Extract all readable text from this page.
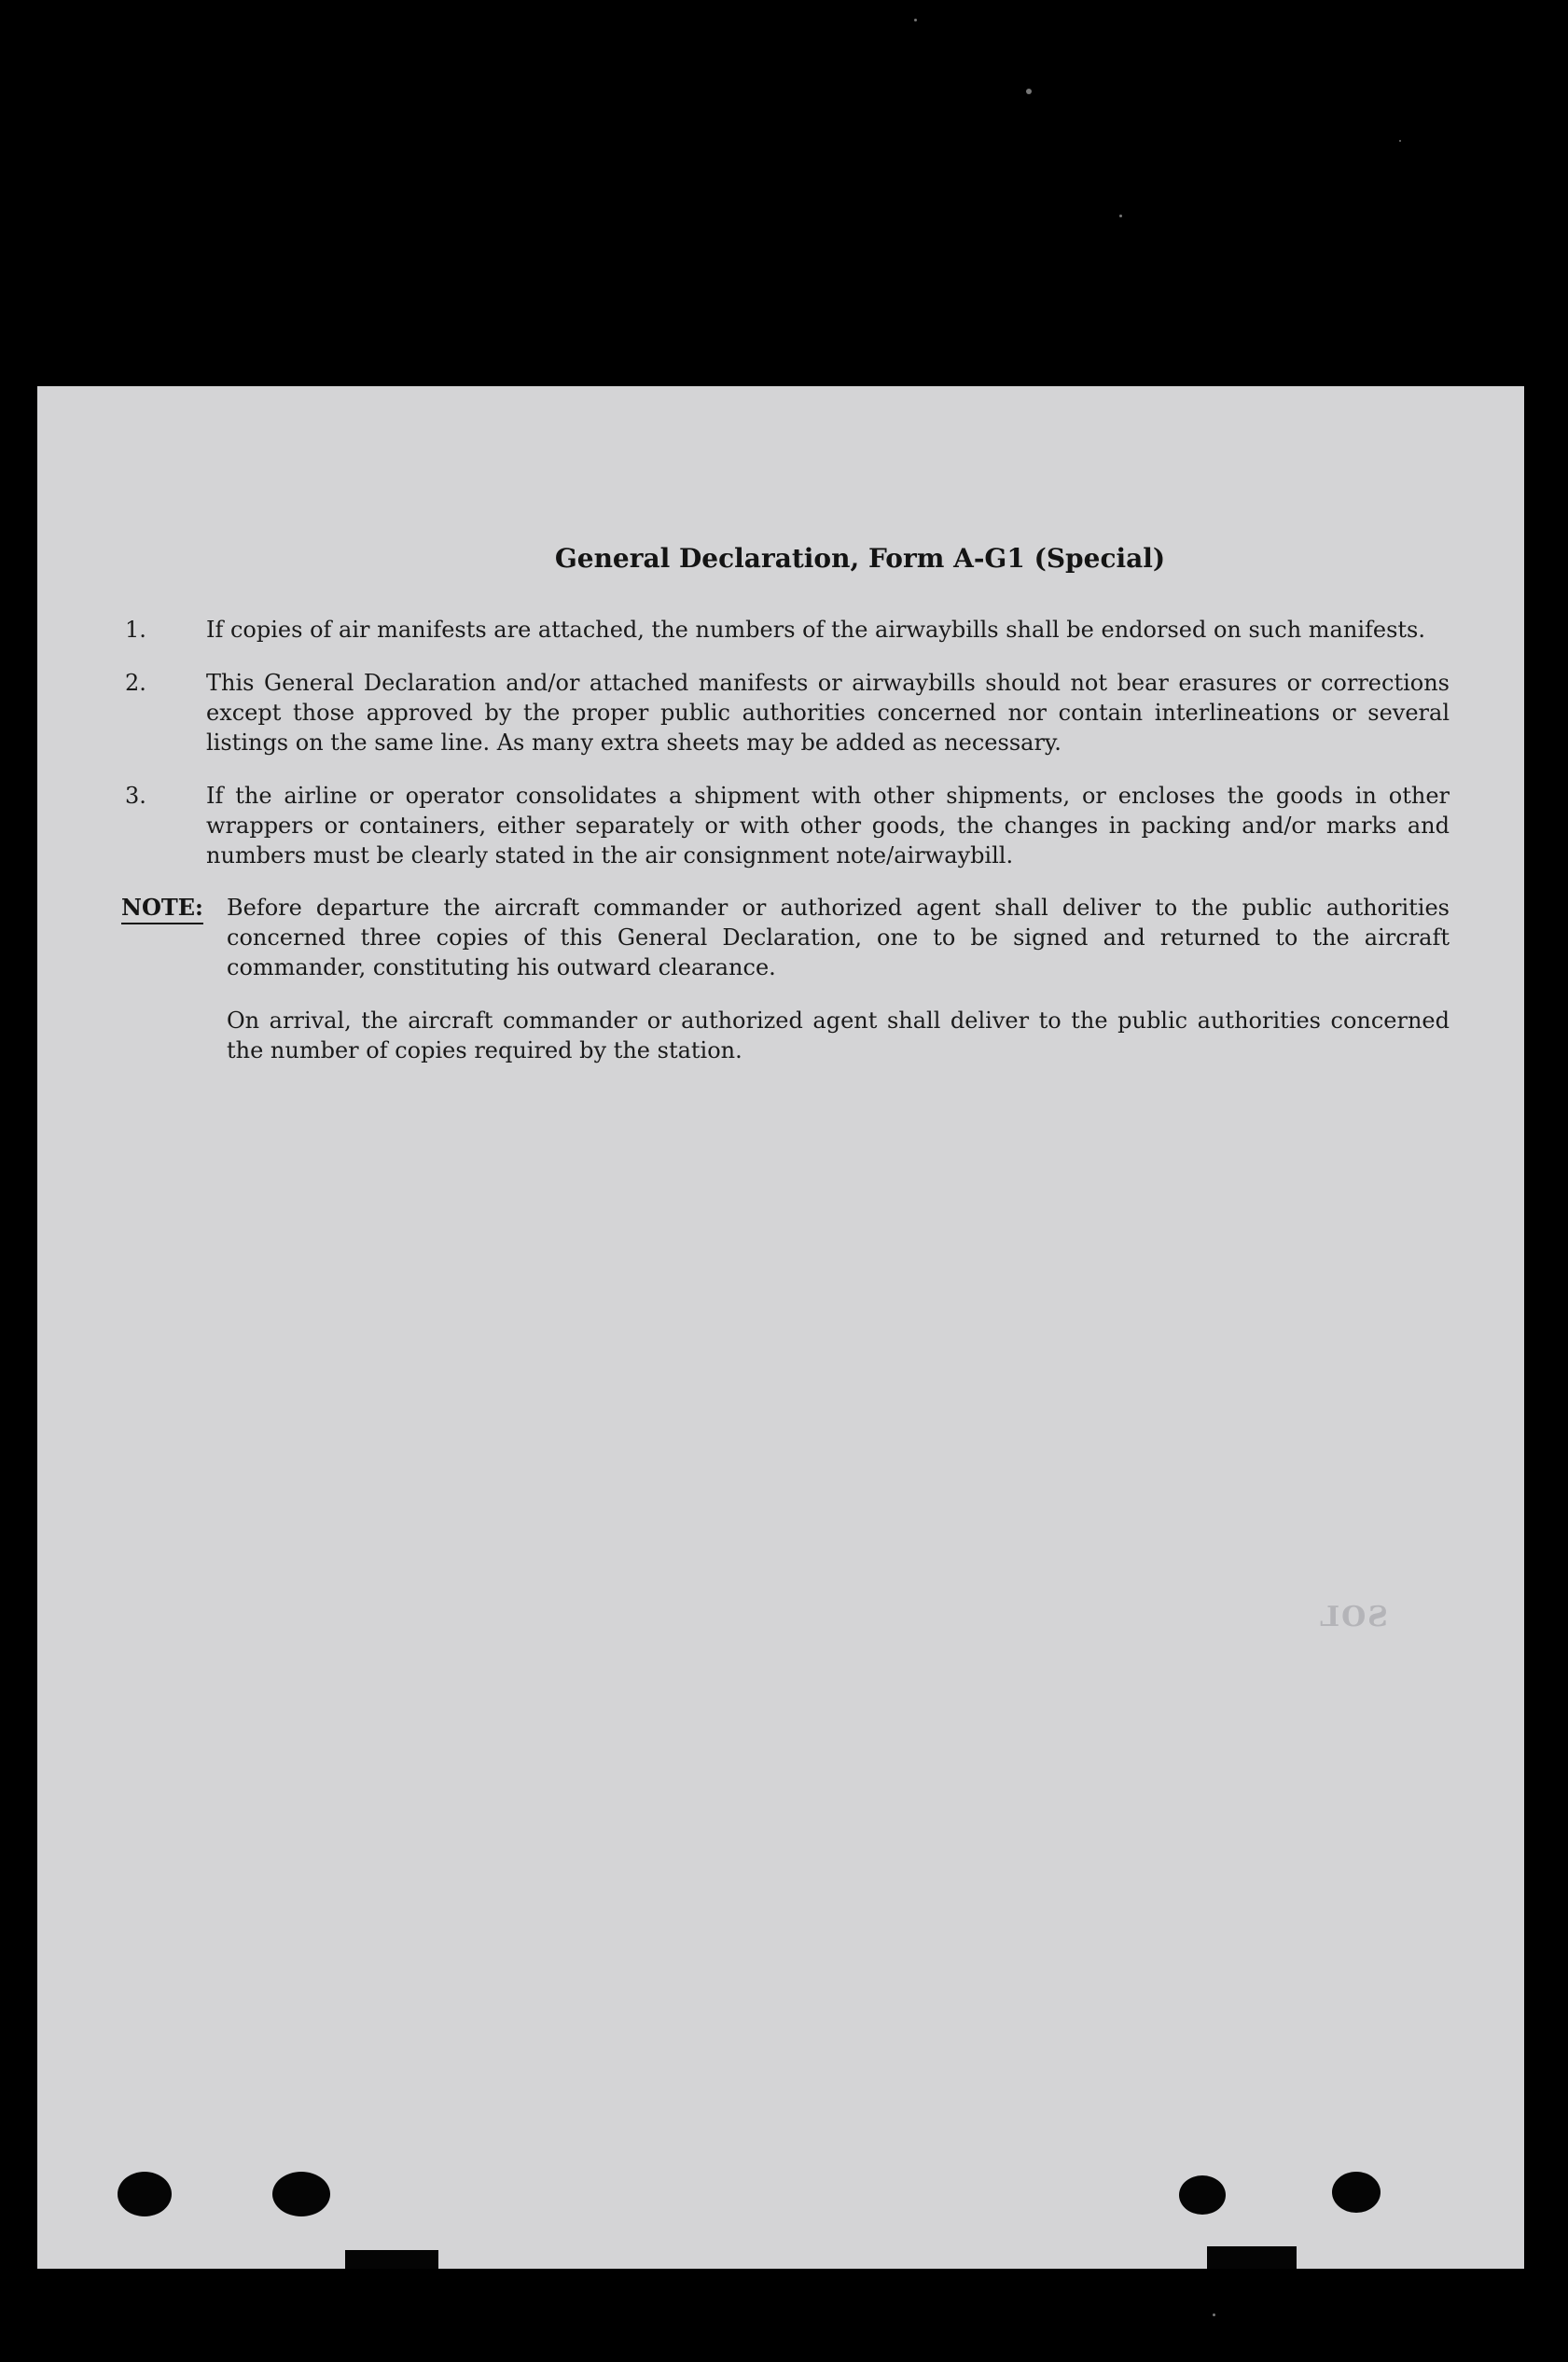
General Declaration, Form A-G1 (Special)
1.	If copies of air manifests are attached, the numbers of the airwaybills shall be endorsed on such manifests.
2.	This General Declaration and/or attached manifests or airwaybills should not bear erasures or corrections except those approved by the proper public authorities concerned nor contain interlineations or several listings on the same line. As many extra sheets may be added as necessary.
3.	If the airline or operator consolidates a shipment with other shipments, or encloses the goods in other wrappers or containers, either separately or with other goods, the changes in packing and/or marks and numbers must be clearly stated in the air consignment note/airwaybill.
NOTE: Before departure the aircraft commander or authorized agent shall deliver to the public authorities concerned three copies of this General Declaration, one to be signed and returned to the aircraft commander, constituting his outward clearance.
On arrival, the aircraft commander or authorized agent shall deliver to the public authorities concerned the number of copies required by the station.
SOL
